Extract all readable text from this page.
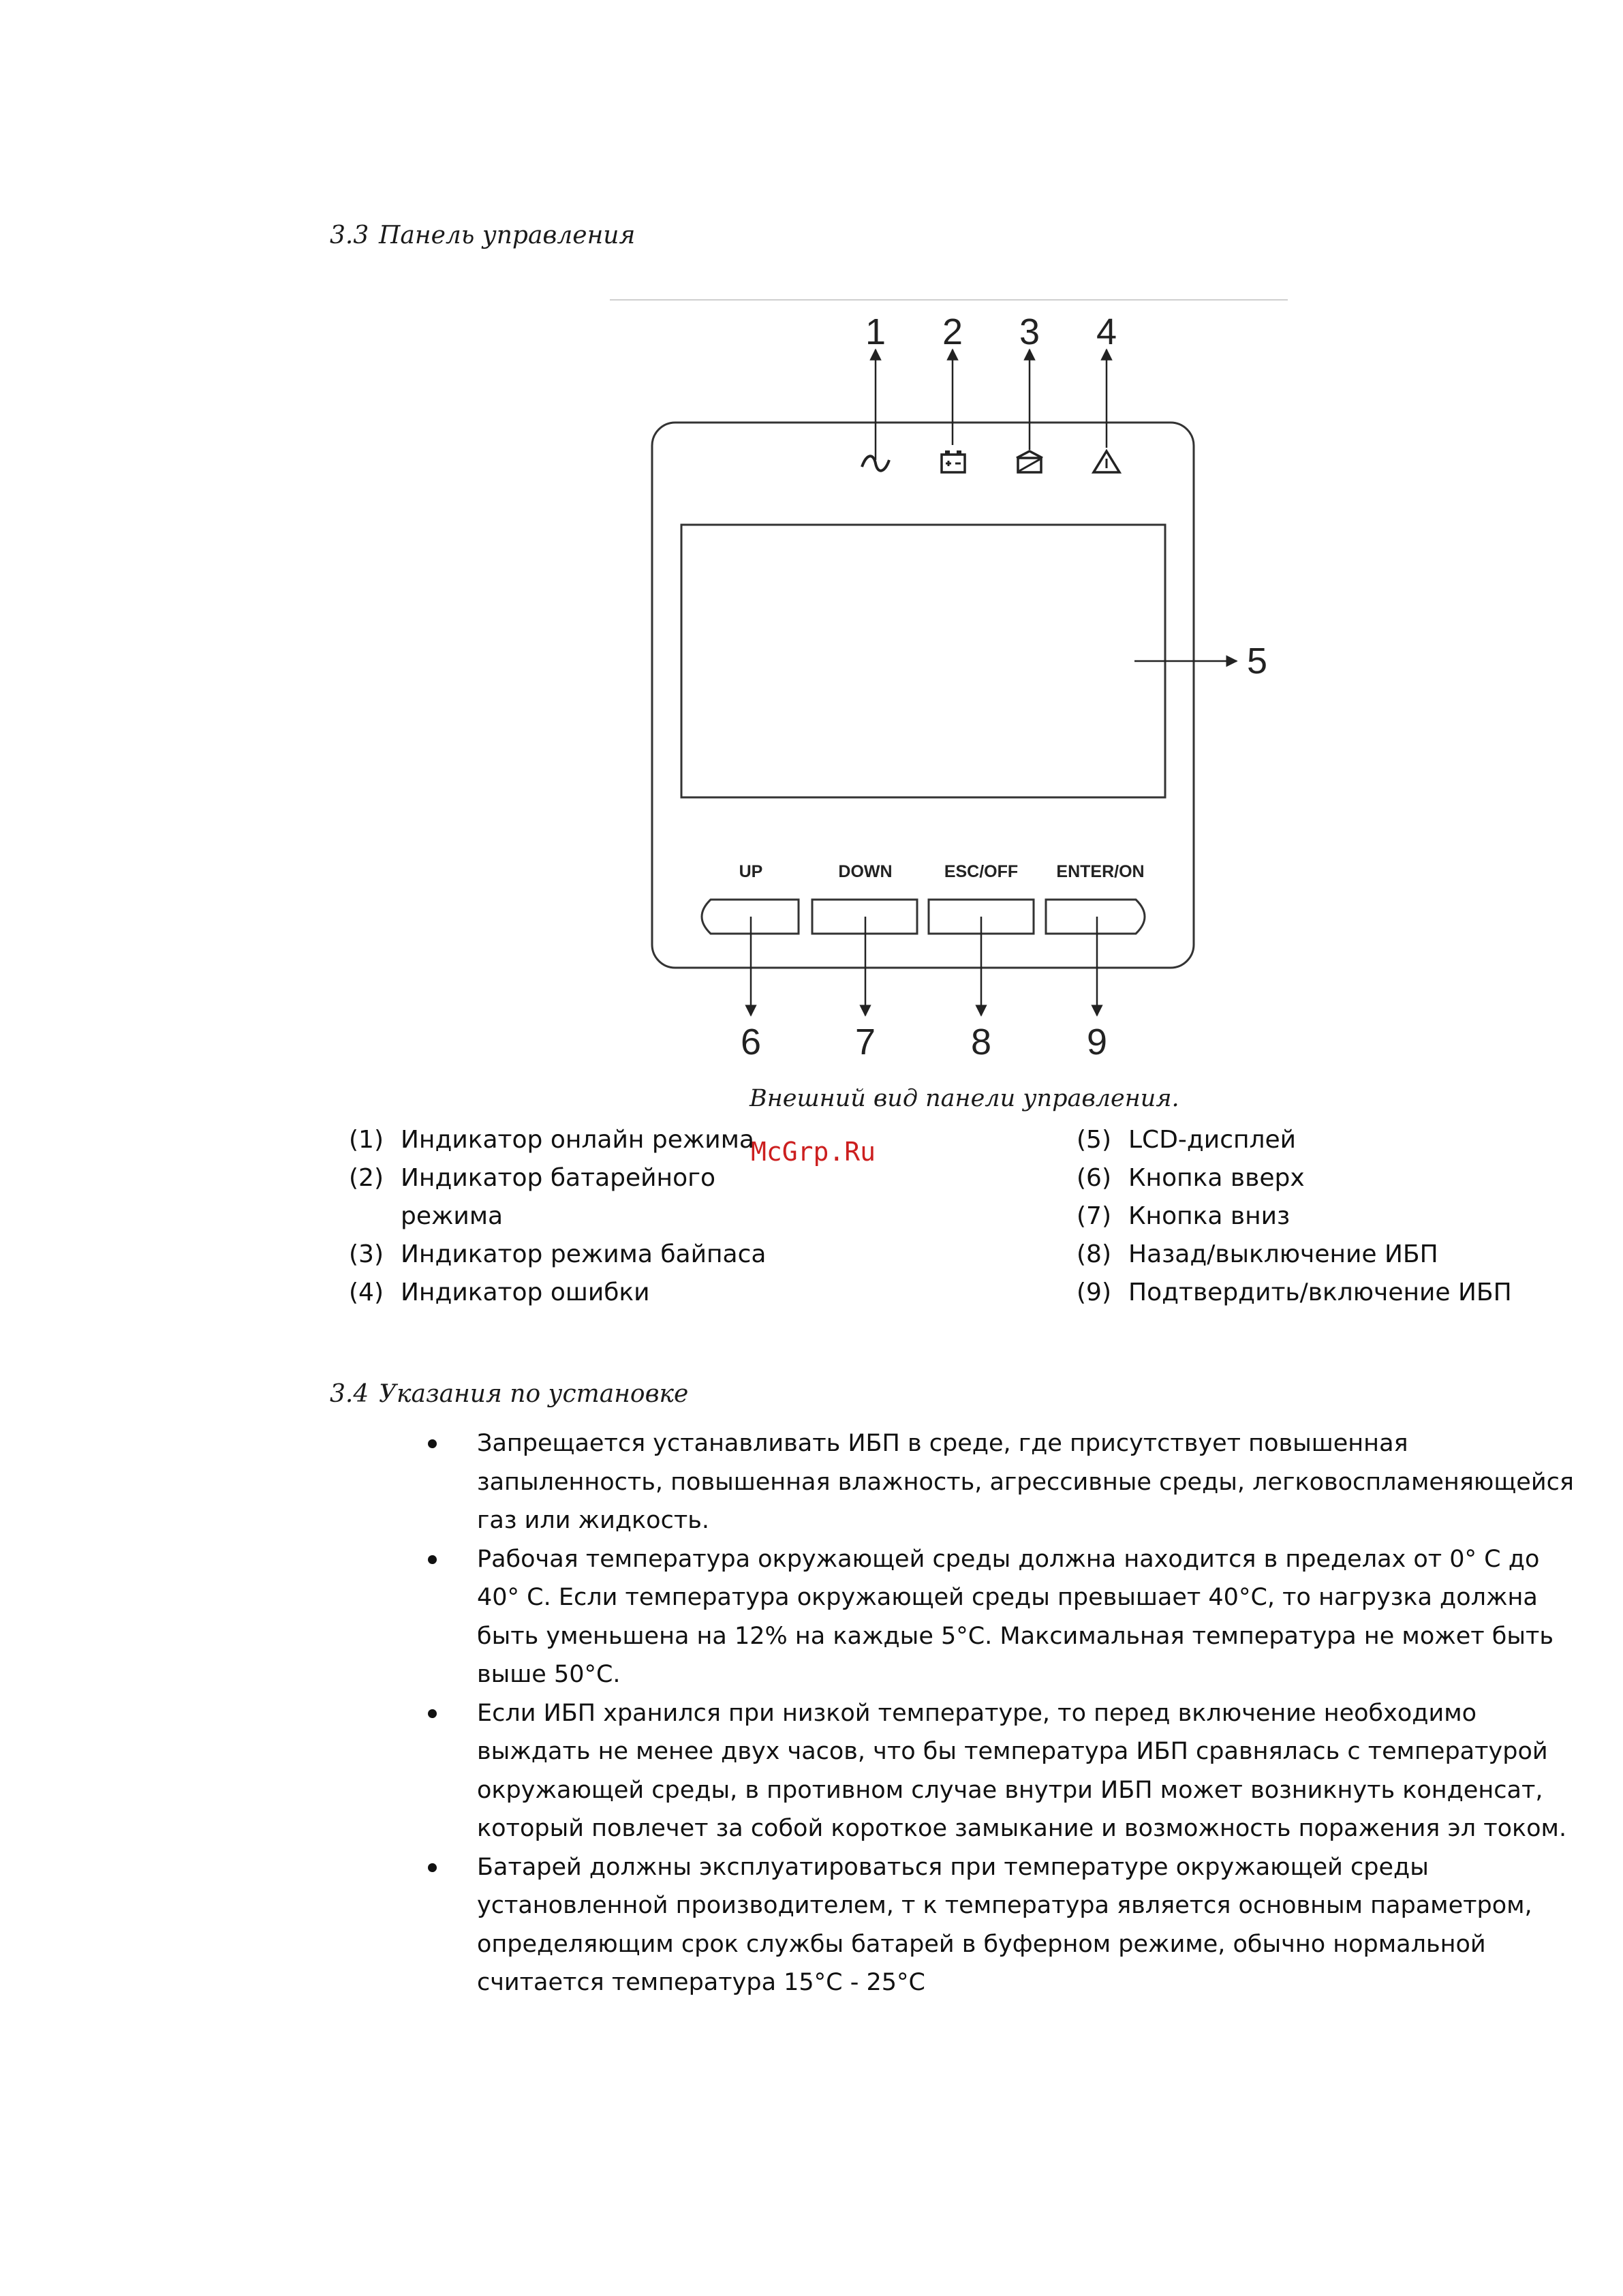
3.3 Панель управления
1 2 3 4
5
UP	DOWN	ESC/OFF ENTER/ON
6	7	8	9
Внешний вид панели управления.
McGrp.Ru
(1) Индикатор онлайн режима
(2) Индикатор батарейного
режима
(3) Индикатор режима байпаса
(4) Индикатор ошибки
(5) LCD-дисплей
(6) Кнопка вверх
(7) Кнопка вниз
(8) Назад/выключение ИБП
(9) Подтвердить/включение ИБП
3.4 Указания по установке
Запрещается устанавливать ИБП в среде, где присутствует повышенная
запыленность, повышенная влажность, агрессивные среды, легковоспламеняющейся
газ или жидкость.
Рабочая температура окружающей среды должна находится в пределах от 0° С до
40° С. Если температура окружающей среды превышает 40°С, то нагрузка должна
быть уменьшена на 12% на каждые 5°С. Максимальная температура не может быть
выше 50°С.
Если ИБП хранился при низкой температуре, то перед включение необходимо
выждать не менее двух часов, что бы температура ИБП сравнялась с температурой
окружающей среды, в противном случае внутри ИБП может возникнуть конденсат,
который повлечет за собой короткое замыкание и возможность поражения эл током.
Батарей должны эксплуатироваться при температуре окружающей среды
установленной производителем, т к температура является основным параметром,
определяющим срок службы батарей в буферном режиме, обычно нормальной
считается температура 15°С - 25°С
